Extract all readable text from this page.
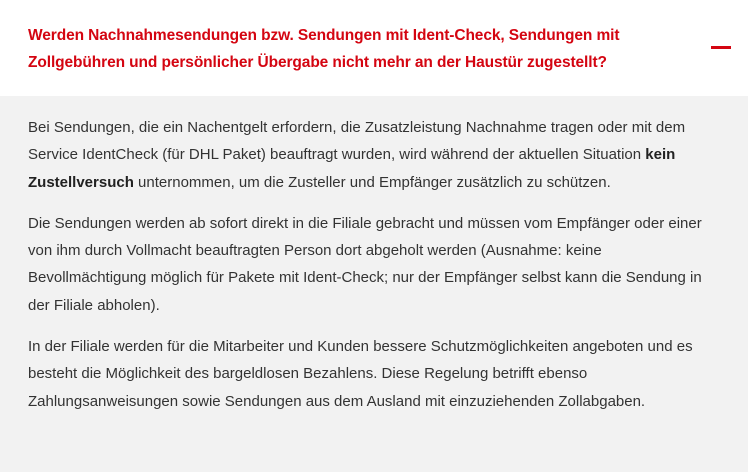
Werden Nachnahmesendungen bzw. Sendungen mit Ident-Check, Sendungen mit Zollgebühren und persönlicher Übergabe nicht mehr an der Haustür zugestellt?

Bei Sendungen, die ein Nachentgelt erfordern, die Zusatzleistung Nachnahme tragen oder mit dem Service IdentCheck (für DHL Paket) beauftragt wurden, wird während der aktuellen Situation kein Zustellversuch unternommen, um die Zusteller und Empfänger zusätzlich zu schützen.

Die Sendungen werden ab sofort direkt in die Filiale gebracht und müssen vom Empfänger oder einer von ihm durch Vollmacht beauftragten Person dort abgeholt werden (Ausnahme: keine Bevollmächtigung möglich für Pakete mit Ident-Check; nur der Empfänger selbst kann die Sendung in der Filiale abholen).

In der Filiale werden für die Mitarbeiter und Kunden bessere Schutzmöglichkeiten angeboten und es besteht die Möglichkeit des bargeldlosen Bezahlens. Diese Regelung betrifft ebenso Zahlungsanweisungen sowie Sendungen aus dem Ausland mit einzuziehenden Zollabgaben.
